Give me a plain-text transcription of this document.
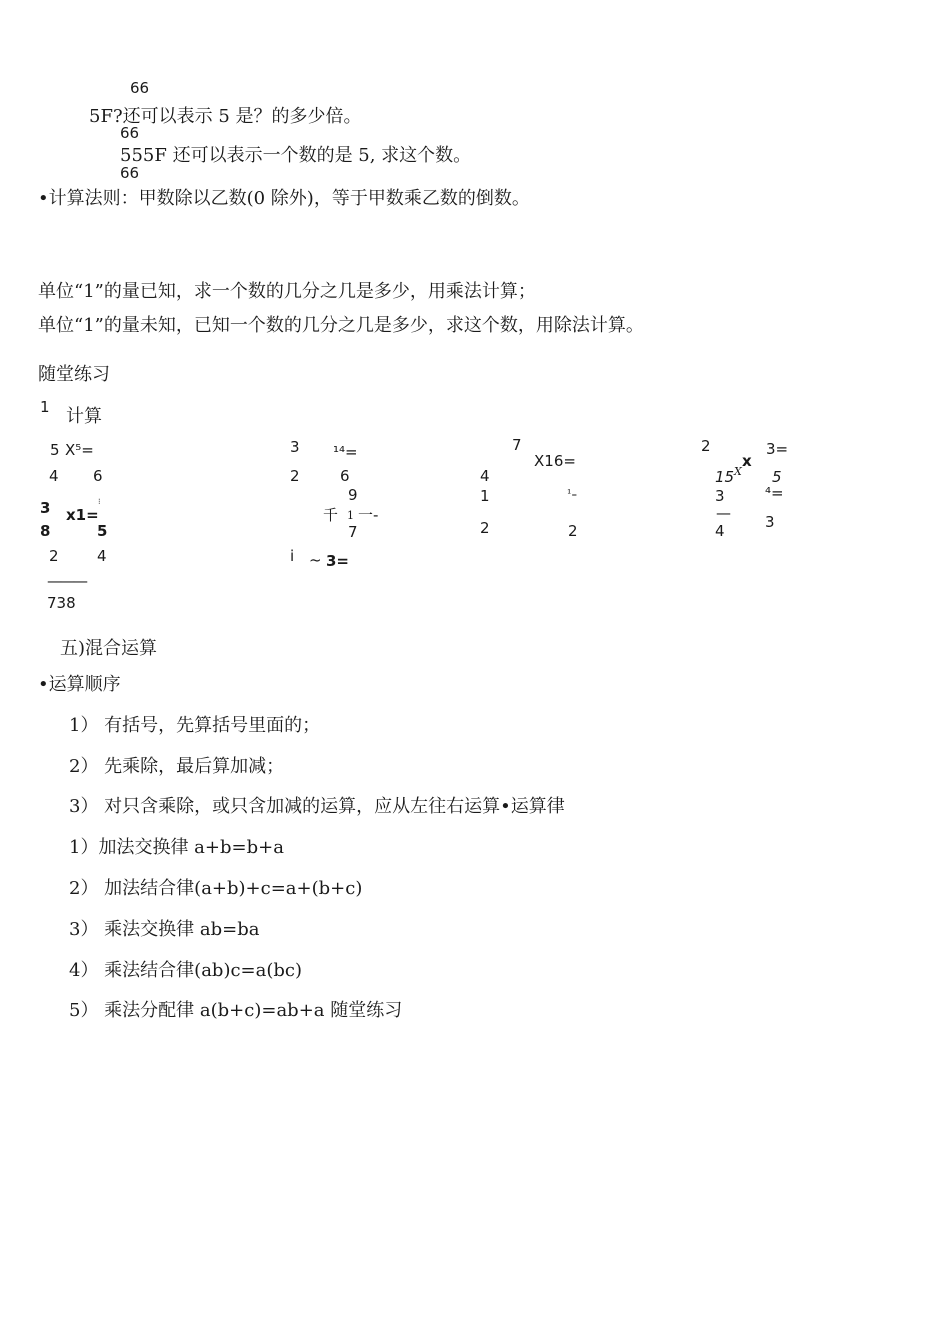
66
5F?还可以表示 5 是？的多少倍。
66
555F 还可以表示一个数的是 5, 求这个数。
66
•计算法则：甲数除以乙数(0 除外)，等于甲数乘乙数的倒数。
单位“1”的量已知，求一个数的几分之几是多少，用乘法计算；
单位“1”的量未知，已知一个数的几分之几是多少，求这个数，用除法计算。
随堂练习
1 计算
5 X⁵=
4 6
3 x1=
⁝
8	5
2	4
———
738
3 ¹⁴=
2	6
9
千 1 一-
7
i ~ 3=
7
X16=
4
1	¹₌
2	2
2
x
3=
15 X 5
3	⁴=
—
4	3
五)混合运算
•运算顺序
1） 有括号，先算括号里面的；
2） 先乘除，最后算加减；
3） 对只含乘除，或只含加减的运算，应从左往右运算•运算律
1）加法交换律 a+b=b+a
2） 加法结合律(a+b)+c=a+(b+c)
3） 乘法交换律 ab=ba
4） 乘法结合律(ab)c=a(bc)
5） 乘法分配律 a(b+c)=ab+a 随堂练习
